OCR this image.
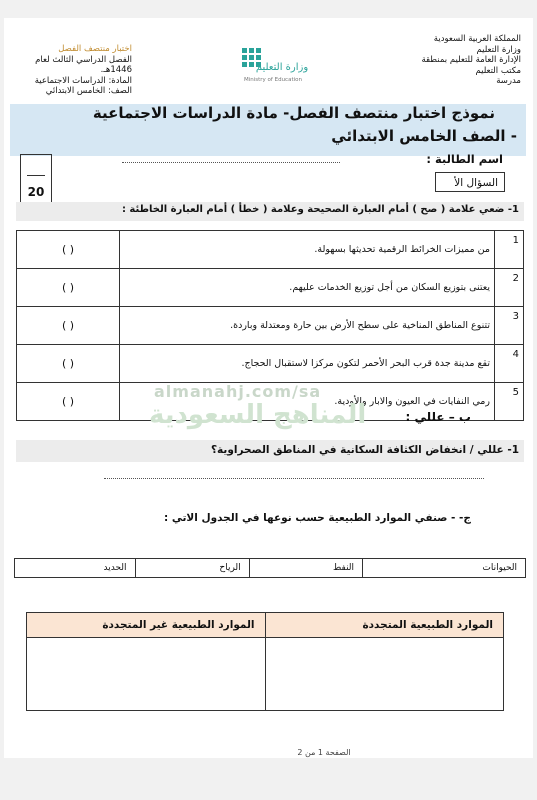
المملكة العربية السعودية
وزارة التعليم
الإدارة العامة للتعليم بمنطقة
مكتب التعليم
مدرسة
وزارة التعليم
Ministry of Education
اختبار منتصف الفصل
الفصل الدراسي الثالث لعام
1446هـ.
المادة: الدراسات الاجتماعية
الصف: الخامس الابتدائي
نموذج اختبار منتصف الفصل- مادة الدراسات الاجتماعية
- الصف الخامس الابتدائي
اسم الطالبة :
20
السؤال الأ
1- ضعي علامة ( صح ) أمام العبارة الصحيحة وعلامة ( خطأ ) أمام العبارة الخاطئة :
1	من مميزات الخرائط الرقمية تحديثها بسهولة.	( )
2	يعتنى بتوزيع السكان من أجل توزيع الخدمات عليهم.	( )
3	تتنوع المناطق المناخية على سطح الأرض بين حارة ومعتدلة وباردة.	( )
4	تقع مدينة جدة قرب البحر الأحمر لتكون مركزا لاستقبال الحجاج.	( )
5	رمي النفايات في العيون والابار والأودية.	( )
almanahj.com/sa
المناهج السعودية	ب – عللي :
1- عللي / انخفاض الكثافة السكانية في المناطق الصحراوية؟
ج- - صنفي الموارد الطبيعية حسب نوعها في الجدول الاتي :
الحيوانات	النفط	الرياح	الحديد
الموارد الطبيعية المتجددة	الموارد الطبيعية غير المتجددة

الصفحة 1 من 2
